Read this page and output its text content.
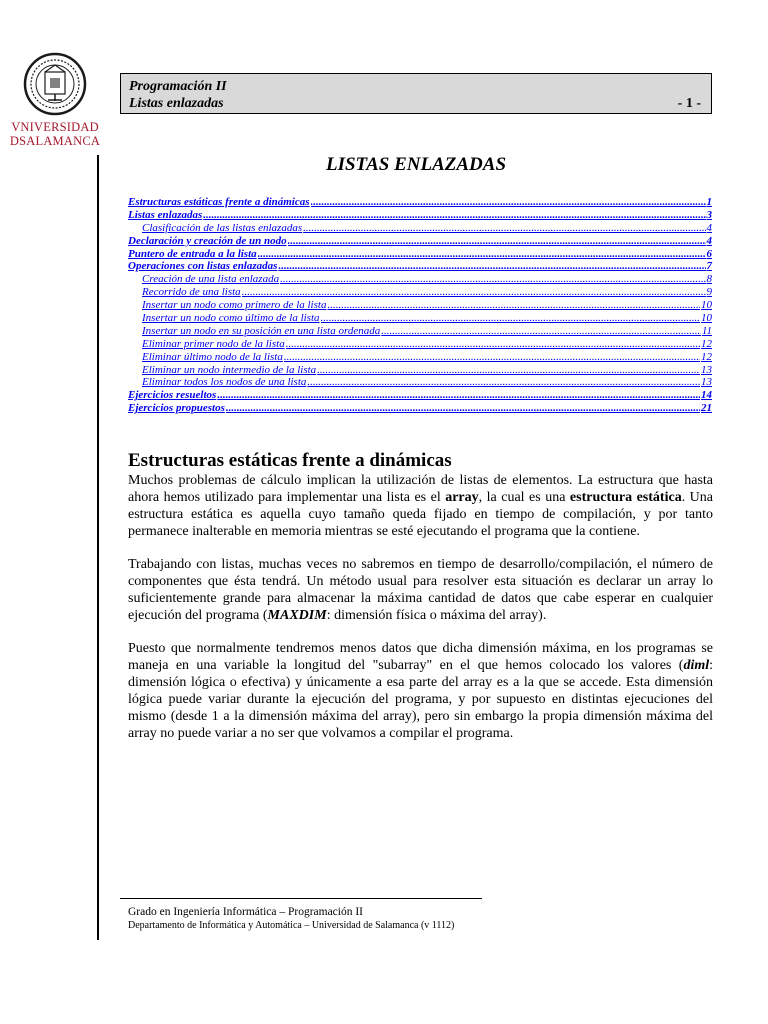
VNIVERSIDAD
DSALAMANCA
Programación II
Listas enlazadas	- 1 -
LISTAS ENLAZADAS
Estructuras estáticas frente a dinámicas .....	1
Listas enlazadas .....	3
Clasificación de las listas enlazadas .....	4
Declaración y creación de un nodo .....	4
Puntero de entrada a la lista .....	6
Operaciones con listas enlazadas .....	7
Creación de una lista enlazada .....	8
Recorrido de una lista .....	9
Insertar un nodo como primero de la lista .....	10
Insertar un nodo como último de la lista .....	10
Insertar un nodo en su posición en una lista ordenada .....	11
Eliminar primer nodo de la lista .....	12
Eliminar último nodo de la lista .....	12
Eliminar un nodo intermedio de la lista .....	13
Eliminar todos los nodos de una lista .....	13
Ejercicios resueltos .....	14
Ejercicios propuestos .....	21
Estructuras estáticas frente a dinámicas

Muchos problemas de cálculo implican la utilización de listas de elementos. La estructura que hasta ahora hemos utilizado para implementar una lista es el array, la cual es una estructura estática. Una estructura estática es aquella cuyo tamaño queda fijado en tiempo de compilación, y por tanto permanece inalterable en memoria mientras se esté ejecutando el programa que la contiene.

Trabajando con listas, muchas veces no sabremos en tiempo de desarrollo/compilación, el número de componentes que ésta tendrá. Un método usual para resolver esta situación es declarar un array lo suficientemente grande para almacenar la máxima cantidad de datos que cabe esperar en cualquier ejecución del programa (MAXDIM: dimensión física o máxima del array).

Puesto que normalmente tendremos menos datos que dicha dimensión máxima, en los programas se maneja en una variable la longitud del "subarray" en el que hemos colocado los valores (diml: dimensión lógica o efectiva) y únicamente a esa parte del array es a la que se accede. Esta dimensión lógica puede variar durante la ejecución del programa, y por supuesto en distintas ejecuciones del mismo (desde 1 a la dimensión máxima del array), pero sin embargo la propia dimensión máxima del array no puede variar a no ser que volvamos a compilar el programa.

Grado en Ingeniería Informática – Programación II
Departamento de Informática y Automática – Universidad de Salamanca (v 1112)
